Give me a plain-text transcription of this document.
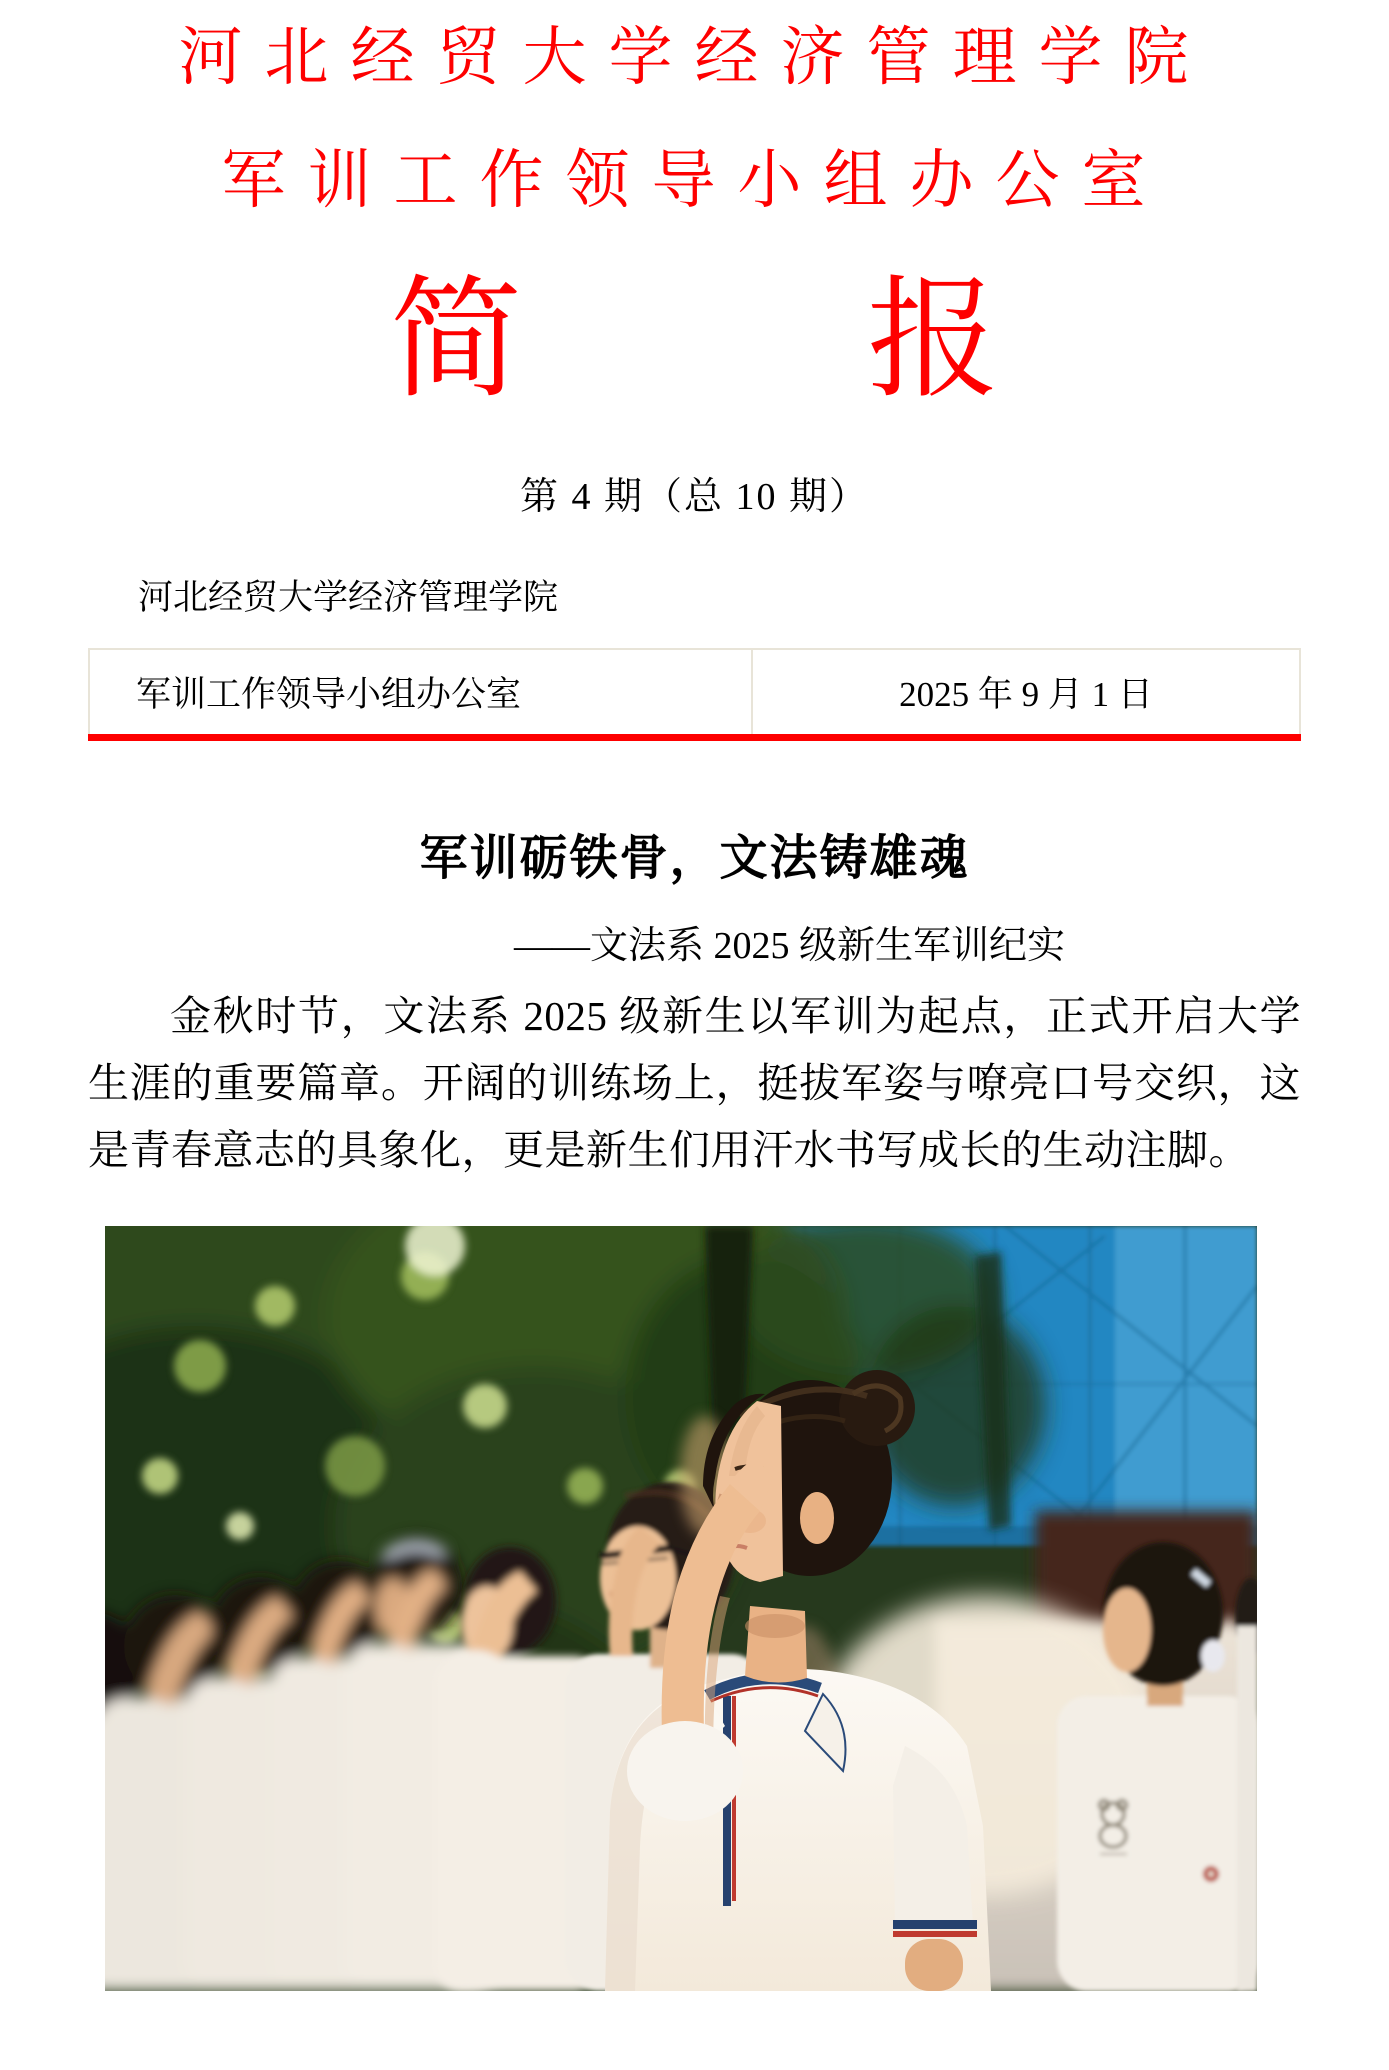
河北经贸大学经济管理学院
军训工作领导小组办公室
简	报
第 4 期（总 10 期）
河北经贸大学经济管理学院
军训工作领导小组办公室	2025 年 9 月 1 日
军训砺铁骨，文法铸雄魂
——文法系 2025 级新生军训纪实

金秋时节，文法系 2025 级新生以军训为起点，正式开启大学生涯的重要篇章。开阔的训练场上，挺拔军姿与嘹亮口号交织，这是青春意志的具象化，更是新生们用汗水书写成长的生动注脚。
